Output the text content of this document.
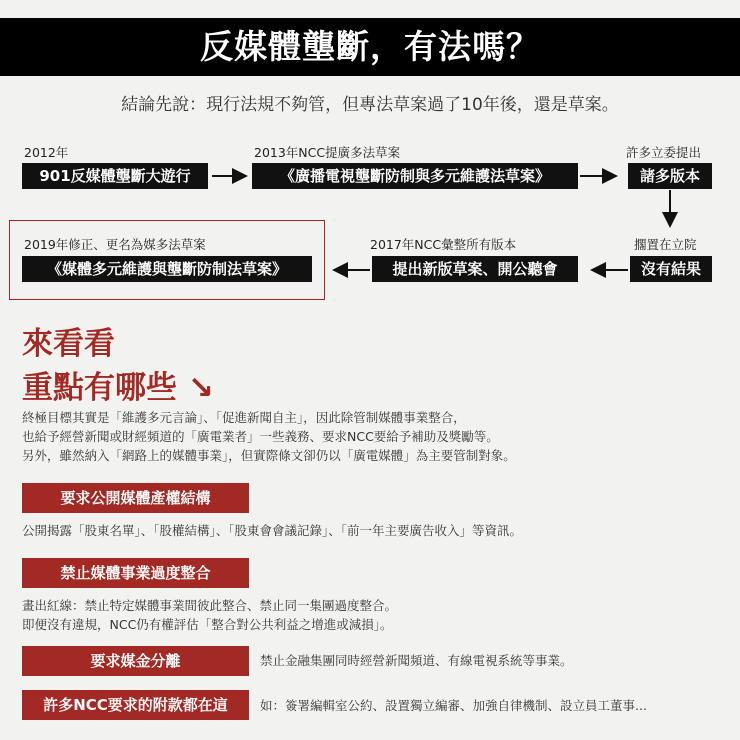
反媒體壟斷，有法嗎？
結論先說：現行法規不夠管，但專法草案過了10年後，還是草案。
2012年
901反媒體壟斷大遊行
2013年NCC提廣多法草案
《廣播電視壟斷防制與多元維護法草案》
許多立委提出
諸多版本
擱置在立院
沒有結果
2017年NCC彙整所有版本
提出新版草案、開公聽會
2019年修正、更名為媒多法草案
《媒體多元維護與壟斷防制法草案》
來看看
重點有哪些 ↘
終極目標其實是「維護多元言論」、「促進新聞自主」，因此除管制媒體事業整合，
也給予經營新聞或財經頻道的「廣電業者」一些義務、要求NCC要給予補助及獎勵等。
另外，雖然納入「網路上的媒體事業」，但實際條文卻仍以「廣電媒體」為主要管制對象。
要求公開媒體產權結構
公開揭露「股東名單」、「股權結構」、「股東會會議記錄」、「前一年主要廣告收入」等資訊。
禁止媒體事業過度整合
畫出紅線：禁止特定媒體事業間彼此整合、禁止同一集團過度整合。
即便沒有違規，NCC仍有權評估「整合對公共利益之增進或減損」。
要求媒金分離	禁止金融集團同時經營新聞頻道、有線電視系統等事業。
許多NCC要求的附款都在這	如：簽署編輯室公約、設置獨立編審、加強自律機制、設立員工董事...
